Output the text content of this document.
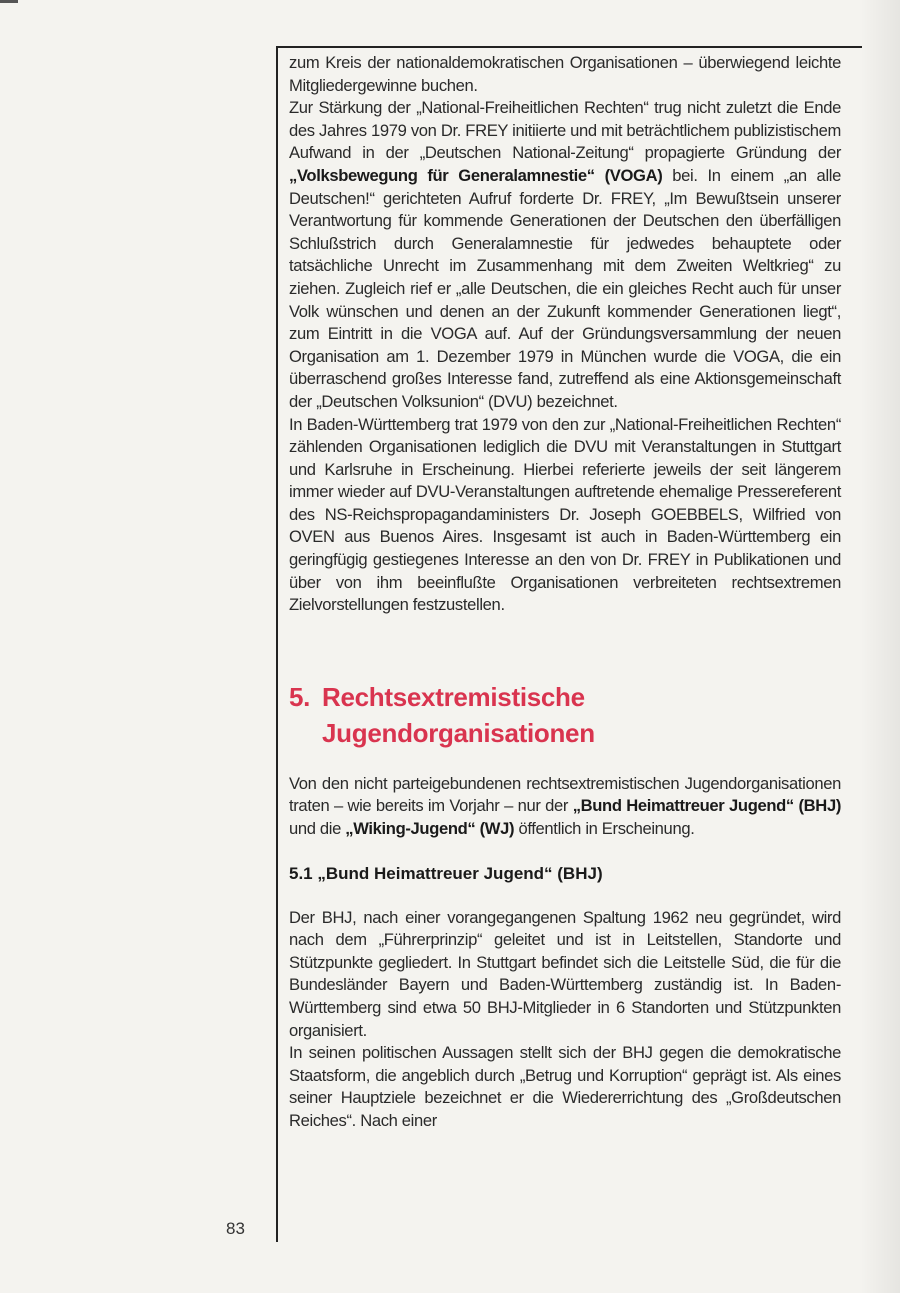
zum Kreis der nationaldemokratischen Organisationen – überwiegend leichte Mitgliedergewinne buchen.

Zur Stärkung der „National-Freiheitlichen Rechten“ trug nicht zuletzt die Ende des Jahres 1979 von Dr. FREY initiierte und mit beträchtlichem publizistischem Aufwand in der „Deutschen National-Zeitung“ propagierte Gründung der „Volksbewegung für Generalamnestie“ (VOGA) bei. In einem „an alle Deutschen!“ gerichteten Aufruf forderte Dr. FREY, „Im Bewußtsein unserer Verantwortung für kommende Generationen der Deutschen den überfälligen Schlußstrich durch Generalamnestie für jedwedes behauptete oder tatsächliche Unrecht im Zusammenhang mit dem Zweiten Weltkrieg“ zu ziehen. Zugleich rief er „alle Deutschen, die ein gleiches Recht auch für unser Volk wünschen und denen an der Zukunft kommender Generationen liegt“, zum Eintritt in die VOGA auf. Auf der Gründungsversammlung der neuen Organisation am 1. Dezember 1979 in München wurde die VOGA, die ein überraschend großes Interesse fand, zutreffend als eine Aktionsgemeinschaft der „Deutschen Volksunion“ (DVU) bezeichnet.

In Baden-Württemberg trat 1979 von den zur „National-Freiheitlichen Rechten“ zählenden Organisationen lediglich die DVU mit Veranstaltungen in Stuttgart und Karlsruhe in Erscheinung. Hierbei referierte jeweils der seit längerem immer wieder auf DVU-Veranstaltungen auftretende ehemalige Pressereferent des NS-Reichspropagandaministers Dr. Joseph GOEBBELS, Wilfried von OVEN aus Buenos Aires. Insgesamt ist auch in Baden-Württemberg ein geringfügig gestiegenes Interesse an den von Dr. FREY in Publikationen und über von ihm beeinflußte Organisationen verbreiteten rechtsextremen Zielvorstellungen festzustellen.

5. Rechtsextremistische
Jugendorganisationen

Von den nicht parteigebundenen rechtsextremistischen Jugendorganisationen traten – wie bereits im Vorjahr – nur der „Bund Heimattreuer Jugend“ (BHJ) und die „Wiking-Jugend“ (WJ) öffentlich in Erscheinung.

5.1 „Bund Heimattreuer Jugend“ (BHJ)

Der BHJ, nach einer vorangegangenen Spaltung 1962 neu gegründet, wird nach dem „Führerprinzip“ geleitet und ist in Leitstellen, Standorte und Stützpunkte gegliedert. In Stuttgart befindet sich die Leitstelle Süd, die für die Bundesländer Bayern und Baden-Württemberg zuständig ist. In Baden-Württemberg sind etwa 50 BHJ-Mitglieder in 6 Standorten und Stützpunkten organisiert.

In seinen politischen Aussagen stellt sich der BHJ gegen die demokratische Staatsform, die angeblich durch „Betrug und Korruption“ geprägt ist. Als eines seiner Hauptziele bezeichnet er die Wiedererrichtung des „Großdeutschen Reiches“. Nach einer

83
